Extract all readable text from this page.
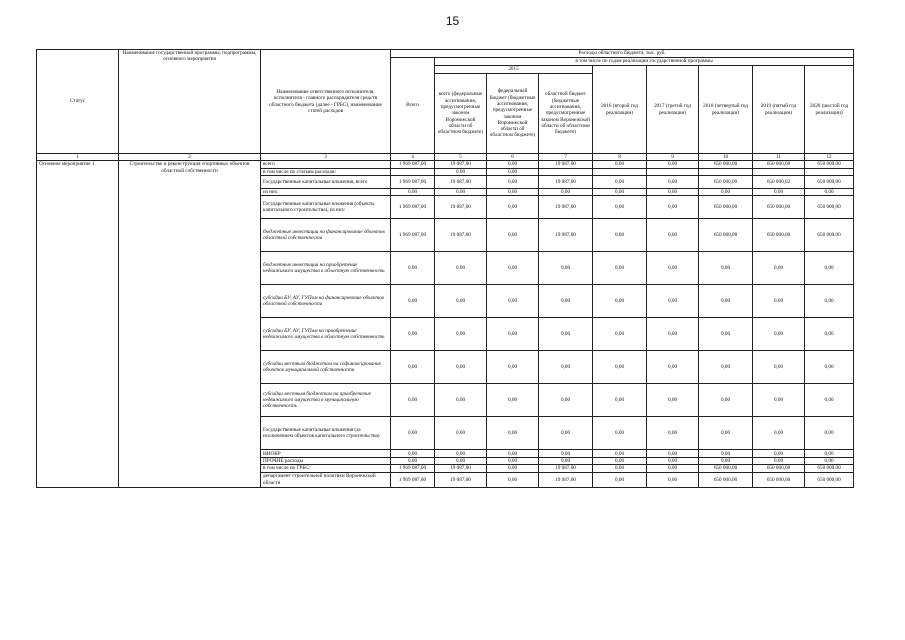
15
Статус	Наименование государственной программы, подпрограммы, основного мероприятия	Наименование ответственного исполнителя, исполнителя - главного распорядителя средств областного бюджета (далее - ГРБС), наименование статей расходов	Расходы областного бюджета, тыс. руб.								
			Всего	в том числе по годам реализации государственной программы							
				2015			2016 (второй год реализации)	2017 (третий год реализации)	2018 (четвертый год реализации)	2019 (пятый год реализации)	2020 (шестой год реализации)
				всего (федеральные ассигнования, предусмотренные законом Воронежской области об областном бюджете)	федеральный бюджет (бюджетные ассигнования, предусмотренные законом Воронежской области об областном бюджете)	областной бюджет (бюджетные ассигнования, предусмотренные законом Воронежской области об областном бюджете)					
1	2	3	4	5	6	7	8	9	10	11	12
Основное мероприятие 1	Строительство и реконструкция спортивных объектов областной собственности	всего	1 969 087,00	19 087,00	0,00	19 087,00	0,00	0,00	650 000,00	650 000,00	650 000,00
		в том числе по статьям расходов:		0,00	0,00						
		Государственные капитальные вложения, всего	1 969 087,00	19 087,00	0,00	19 087,00	0,00	0,00	650 000,00	650 000,02	650 000,00
		из них:	0,00	0,00	0,00	0,00	0,00	0,00	0,00	0,00	0,00
		Государственные капитальные вложения (объекты капитального строительства), из них:	1 969 087,00	19 087,00	0,00	19 087,00	0,00	0,00	650 000,00	650 000,00	650 000,00
		бюджетные инвестиции на финансирование объектов областной собственности	1 969 087,00	19 087,00	0,00	19 087,00	0,00	0,00	650 000,00	650 000,00	650 000,00
		бюджетные инвестиции на приобретение недвижимого имущества в областную собственность	0,00	0,00	0,00	0,00	0,00	0,00	0,00	0,00	0,00
		субсидии БУ, АУ, ГУПам на финансирование объектов областной собственности	0,00	0,00	0,00	0,00	0,00	0,00	0,00	0,00	0,00
		субсидии БУ, АУ, ГУПам на приобретение недвижимого имущества в областную собственность	0,00	0,00	0,00	0,00	0,00	0,00	0,00	0,00	0,00
		субсидии местным бюджетам на софинансирование объектов муниципальной собственности	0,00	0,00	0,00	0,00	0,00	0,00	0,00	0,00	0,00
		субсидии местным бюджетам на приобретение недвижимого имущества в муниципальную собственность	0,00	0,00	0,00	0,00	0,00	0,00	0,00	0,00	0,00
		Государственные капитальные вложения (за исключением объектов капитального строительства)	0,00	0,00	0,00	0,00	0,00	0,00	0,00	0,00	0,00
		НИОКР	0,00	0,00	0,00	0,00	0,00	0,00	0,00	0,00	0,00
		ПРОЧИЕ расходы	0,00	0,00	0,00	0,00	0,00	0,00	0,00	0,00	0,00
		в том числе по ГРБС:	1 969 087,00	19 087,00	0,00	19 087,00	0,00	0,00	650 000,00	650 000,00	650 000,00
		департамент строительной политики Воронежской области	1 969 087,00	19 087,00	0,00	19 087,00	0,00	0,00	650 000,00	650 000,00	650 000,00
